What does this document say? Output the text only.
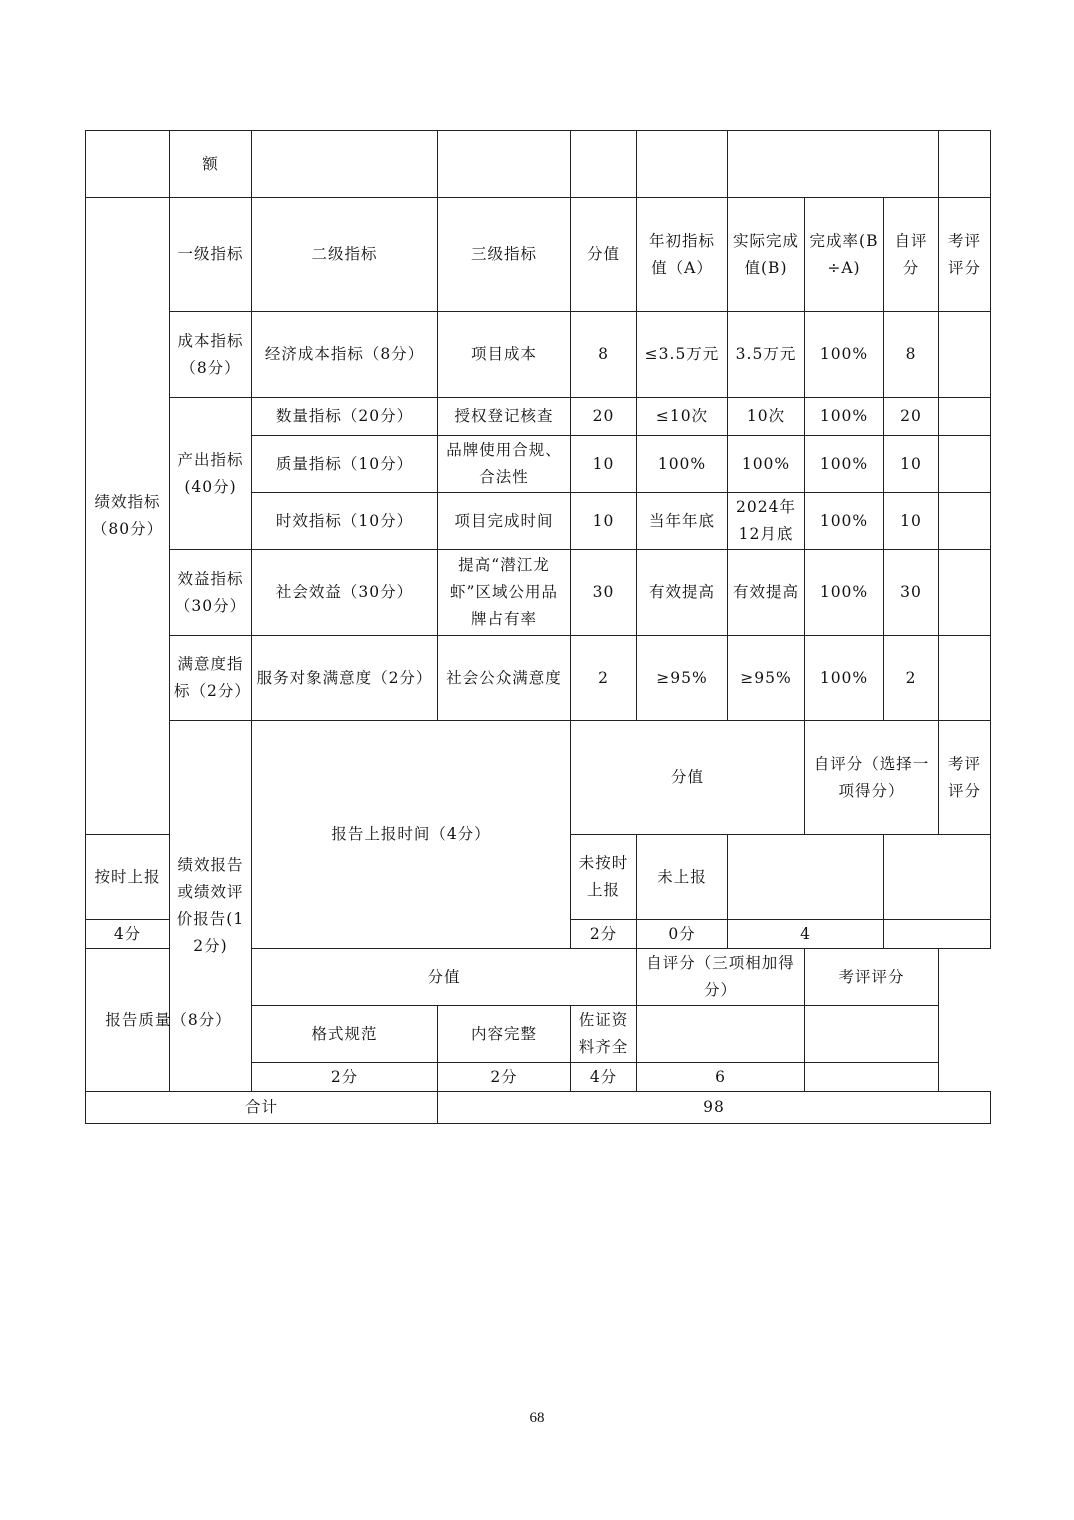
	额									
绩效指标（80分）	一级指标	二级指标	三级指标	分值	年初指标值（A）	实际完成值(B)	完成率(B÷A)	自评分	考评评分	
	成本指标（8分）	经济成本指标（8分）	项目成本	8	≤3.5万元	3.5万元	100%	8		
	产出指标(40分)	数量指标（20分）	授权登记核查	20	≤10次	10次	100%	20		
		质量指标（10分）	品牌使用合规、合法性	10	100%	100%	100%	10		
		时效指标（10分）	项目完成时间	10	当年年底	2024年12月底	100%	10		
	效益指标（30分）	社会效益（30分）	提高“潜江龙虾”区域公用品牌占有率	30	有效提高	有效提高	100%	30		
	满意度指标（2分）	服务对象满意度（2分）	社会公众满意度	2	≥95%	≥95%	100%	2		
	绩效报告或绩效评价报告(12分)	报告上报时间（4分）		分值			自评分（选择一项得分）		考评评分	
按时上报				未按时上报	未上报					
4分				2分	0分	4				
报告质量（8分）		分值			自评分（三项相加得分）		考评评分			
		格式规范	内容完整	佐证资料齐全						
		2分	2分	4分	6					
合计			98							
68
